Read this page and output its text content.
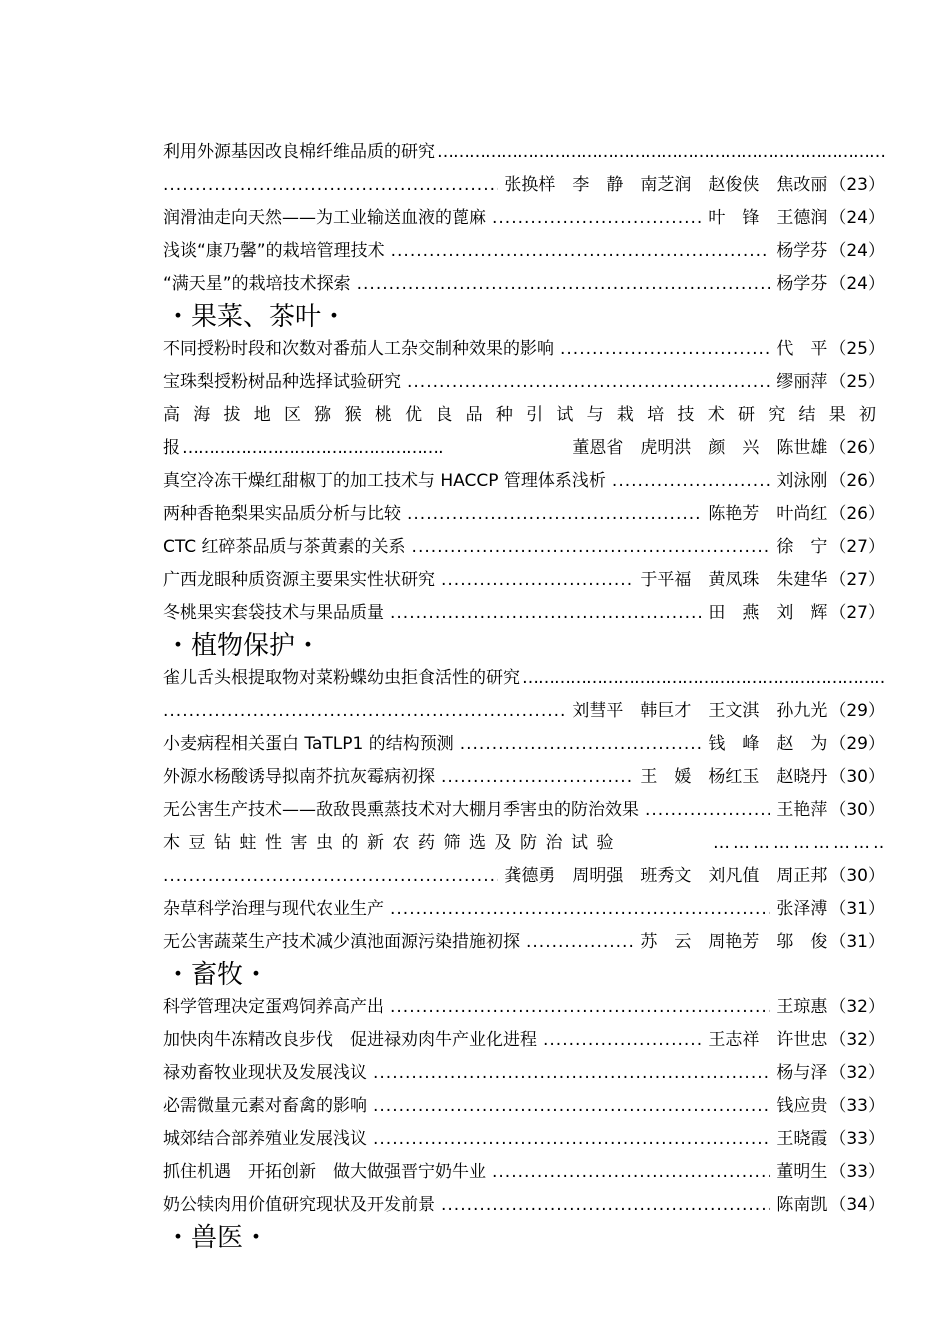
利用外源基因改良棉纤维品质的研究
……………………………………………………………………………………………………………………………
.....
张换样　李　静　南芝润　赵俊侠　焦改丽 （23）
润滑油走向天然——为工业输送血液的蓖麻 .....	叶　锋　王德润 （24）
浅谈“康乃馨”的栽培管理技术 .....	杨学芬 （24）
“满天星”的栽培技术探索 .....	杨学芬 （24）
・果菜、茶叶・
不同授粉时段和次数对番茄人工杂交制种效果的影响 .....	代　平 （25）
宝珠梨授粉树品种选择试验研究 .....	缪丽萍 （25）
高海拔地区猕猴桃优良品种引试与栽培技术研究结果初
报 ……………………………………………………………………………………………………………………………	董恩省　虎明洪　颜　兴　陈世雄 （26）
真空冷冻干燥红甜椒丁的加工技术与 HACCP 管理体系浅析 .....	刘泳刚 （26）
两种香艳梨果实品质分析与比较 .....	陈艳芳　叶尚红 （26）
CTC 红碎茶品质与茶黄素的关系 .....	徐　宁 （27）
广西龙眼种质资源主要果实性状研究 .....	于平福　黄凤珠　朱建华 （27）
冬桃果实套袋技术与果品质量 .....	田　燕　刘　辉 （27）
・植物保护・
雀儿舌头根提取物对菜粉蝶幼虫拒食活性的研究
……………………………………………………………………………………………………………………………
.....
刘彗平　韩巨才　王文淇　孙九光 （29）
小麦病程相关蛋白 TaTLP1 的结构预测 .....	钱　峰　赵　为 （29）
外源水杨酸诱导拟南芥抗灰霉病初探 .....	王　媛　杨红玉　赵晓丹 （30）
无公害生产技术——敌敌畏熏蒸技术对大棚月季害虫的防治效果 .....	王艳萍 （30）
木豆钻蛀性害虫的新农药筛选及防治试验
……………………………………………………………………………………………………………………………
.....
龚德勇　周明强　班秀文　刘凡值　周正邦 （30）
杂草科学治理与现代农业生产 .....	张泽溥 （31）
无公害蔬菜生产技术减少滇池面源污染措施初探 .....	苏　云　周艳芳　邬　俊 （31）
・畜牧・
科学管理决定蛋鸡饲养高产出 .....	王琼惠 （32）
加快肉牛冻精改良步伐　促进禄劝肉牛产业化进程 .....	王志祥　许世忠 （32）
禄劝畜牧业现状及发展浅议 .....	杨与泽 （32）
必需微量元素对畜禽的影响 .....	钱应贵 （33）
城郊结合部养殖业发展浅议 .....	王晓霞 （33）
抓住机遇　开拓创新　做大做强晋宁奶牛业 .....	董明生 （33）
奶公犊肉用价值研究现状及开发前景 .....	陈南凯 （34）
・兽医・
